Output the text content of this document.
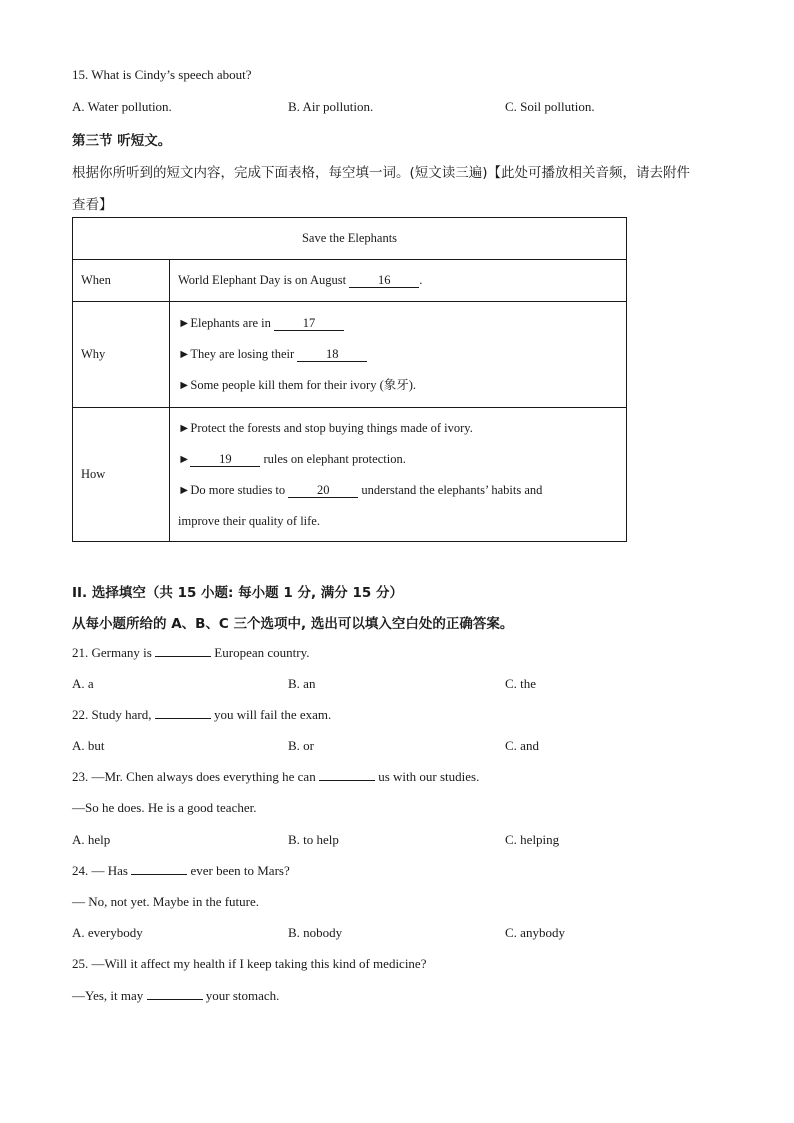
15. What is Cindy’s speech about?
A. Water pollution.	B. Air pollution.	C. Soil pollution.
第三节 听短文。
根据你所听到的短文内容，完成下面表格，每空填一词。(短文读三遍)【此处可播放相关音频，请去附件
查看】
Save the Elephants	
When	World Elephant Day is on August 16 .
Why	►Elephants are in 17
►They are losing their 18
►Some people kill them for their ivory (象牙).

How	►Protect the forests and stop buying things made of ivory.
► 19 rules on elephant protection.
►Do more studies to 20 understand the elephants’ habits and
improve their quality of life.
II. 选择填空（共 15 小题: 每小题 1 分, 满分 15 分）
从每小题所给的 A、B、C 三个选项中, 选出可以填入空白处的正确答案。
21. Germany is	European country.
A. a	B. an	C. the
22. Study hard,	you will fail the exam.
A. but	B. or	C. and
23. —Mr. Chen always does everything he can	us with our studies.
—So he does. He is a good teacher.
A. help	B. to help	C. helping
24. — Has	ever been to Mars?
— No, not yet. Maybe in the future.
A. everybody	B. nobody	C. anybody
25. —Will it affect my health if I keep taking this kind of medicine?
—Yes, it may	your stomach.
